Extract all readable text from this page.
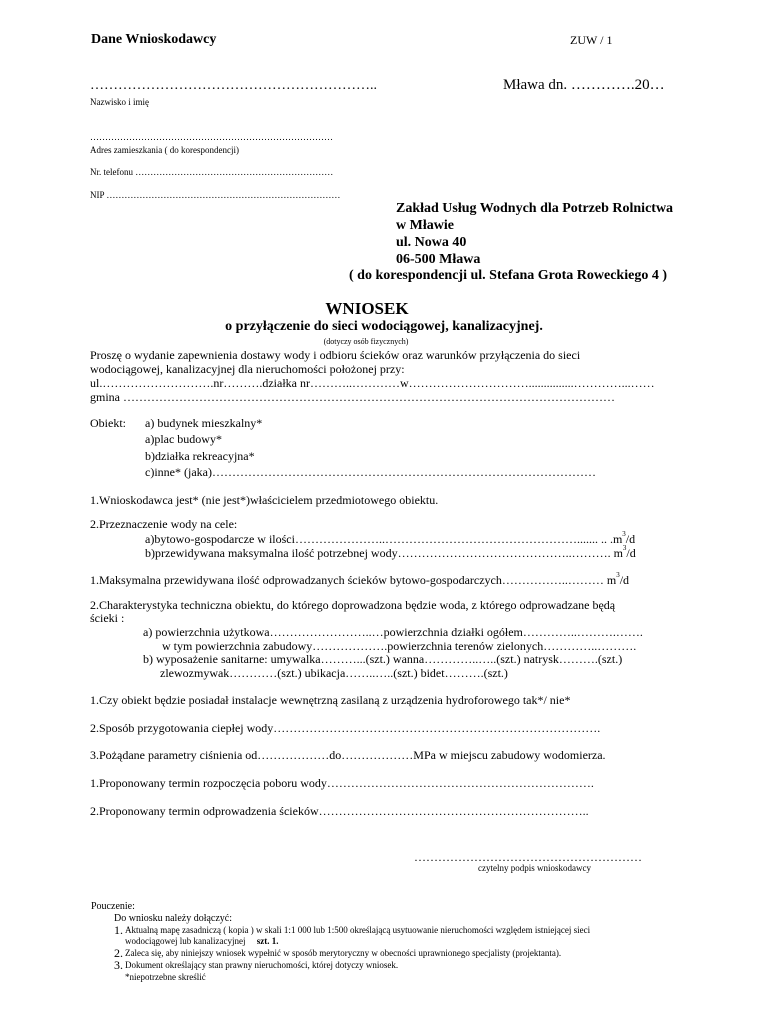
Dane Wnioskodawcy	ZUW / 1
……………………………………………………..	Mława dn. ………….20…
Nazwisko i imię
………………………………………………………………………
Adres zamieszkania ( do korespondencji)
Nr. telefonu …………………………………………………………
NIP ……………………………………………………………………
Zakład Usług Wodnych dla Potrzeb Rolnictwa
w Mławie
ul. Nowa 40
06-500 Mława
( do korespondencji ul. Stefana Grota Roweckiego 4 )
WNIOSEK
o przyłączenie do sieci wodociągowej, kanalizacyjnej.
(dotyczy osób fizycznych)
Proszę o wydanie zapewnienia dostawy wody i odbioru ścieków oraz warunków przyłączenia do sieci
wodociągowej, kanalizacyjnej dla nieruchomości położonej przy:
ul.……………………….nr……….działka nr………..…………w…………………………...............…………...……
gmina ……………………………………………………………………………………………………………
Obiekt: a) budynek mieszkalny*
a)plac budowy*
b)działka rekreacyjna*
c)inne* (jaka)……………………………………………………………………………………
1.Wnioskodawca jest* (nie jest*)właścicielem przedmiotowego obiektu.
2.Przeznaczenie wody na cele:
a)bytowo-gospodarcze w ilości…………………..…………………………………………....... .. $.m^3/d$
b)przewidywana maksymalna ilość potrzebnej wody……………………………………..………. $m^3/d$
1.Maksymalna przewidywana ilość odprowadzanych ścieków bytowo-gospodarczych……………..……… $m^3/d$
2.Charakterystyka techniczna obiektu, do którego doprowadzona będzie woda, z którego odprowadzane będą
ścieki :
a) powierzchnia użytkowa……………………..…powierzchnia działki ogółem…………..……….…….
w tym powierzchnia zabudowy……………….powierzchnia terenów zielonych…………..……….
b) wyposażenie sanitarne: umywalka………...(szt.) wanna…………..…..(szt.) natrysk……….(szt.)
zlewozmywak…………(szt.) ubikacja……..…..(szt.) bidet……….(szt.)
1.Czy obiekt będzie posiadał instalacje wewnętrzną zasilaną z urządzenia hydroforowego tak*/ nie*
2.Sposób przygotowania ciepłej wody……………………………………………………………………….
3.Pożądane parametry ciśnienia od………………do………………MPa w miejscu zabudowy wodomierza.
1.Proponowany termin rozpoczęcia poboru wody………………………………………………………….
2.Proponowany termin odprowadzenia ścieków…………………………………………………………..
…………………………………………………
czytelny podpis wnioskodawcy
Pouczenie:
Do wniosku należy dołączyć:
1. Aktualną mapę zasadniczą ( kopia ) w skali 1:1 000 lub 1:500 określającą usytuowanie nieruchomości względem istniejącej sieci
wodociągowej lub kanalizacyjnej szt. 1.
2. Zaleca się, aby niniejszy wniosek wypełnić w sposób merytoryczny w obecności uprawnionego specjalisty (projektanta).
3. Dokument określający stan prawny nieruchomości, której dotyczy wniosek.
*niepotrzebne skreślić
